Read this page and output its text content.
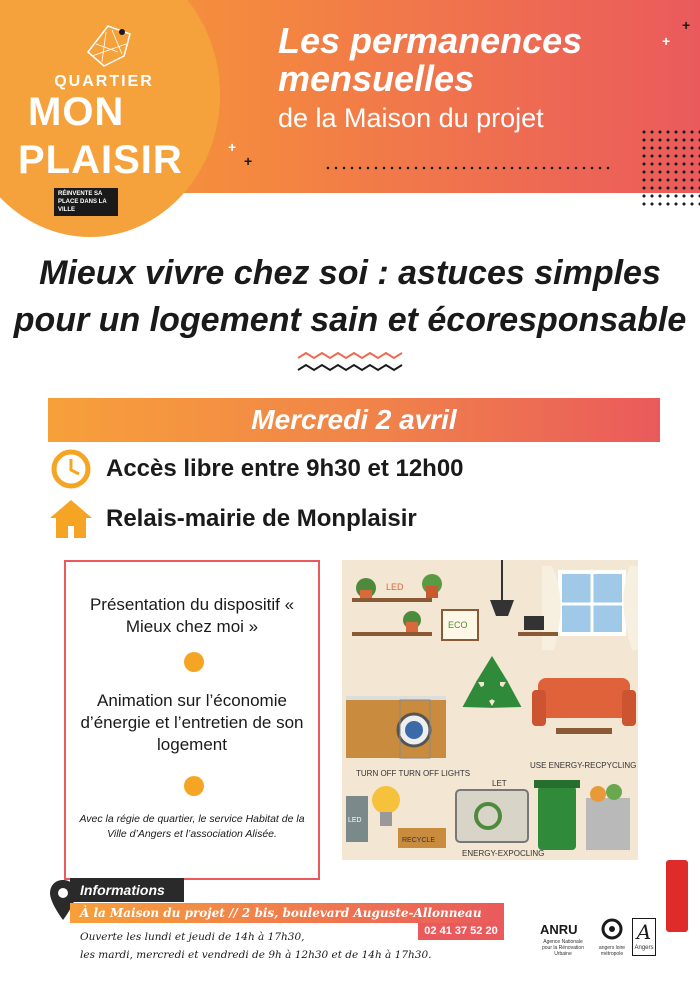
+
+
+
+
Les permanences
mensuelles
de la Maison du projet
QUARTIER
MON
PLAISIR
RÉINVENTE SA PLACE DANS LA VILLE
Mieux vivre chez soi : astuces simples
pour un logement sain et écoresponsable
Mercredi 2 avril
Accès libre entre 9h30 et 12h00
Relais-mairie de Monplaisir
Présentation du dispositif « Mieux chez moi »
Animation sur l’économie d’énergie et l’entretien de son logement
Avec la régie de quartier, le service Habitat de la Ville d’Angers et l’association Alisée.
LED
ECO
TURN OFF TURN OFF LIGHTS
USE ENERGY-RECPYCLING
LED
LET
RECYCLE
ENERGY-EXPOCLING
Informations
À la Maison du projet // 2 bis, boulevard Auguste-Allonneau
02 41 37 52 20
Ouverte les lundi et jeudi de 14h à 17h30,
les mardi, mercredi et vendredi de 9h à 12h30 et de 14h à 17h30.
ANRU
Agence Nationale pour la Rénovation Urbaine
angers loire métropole
A
Angers
